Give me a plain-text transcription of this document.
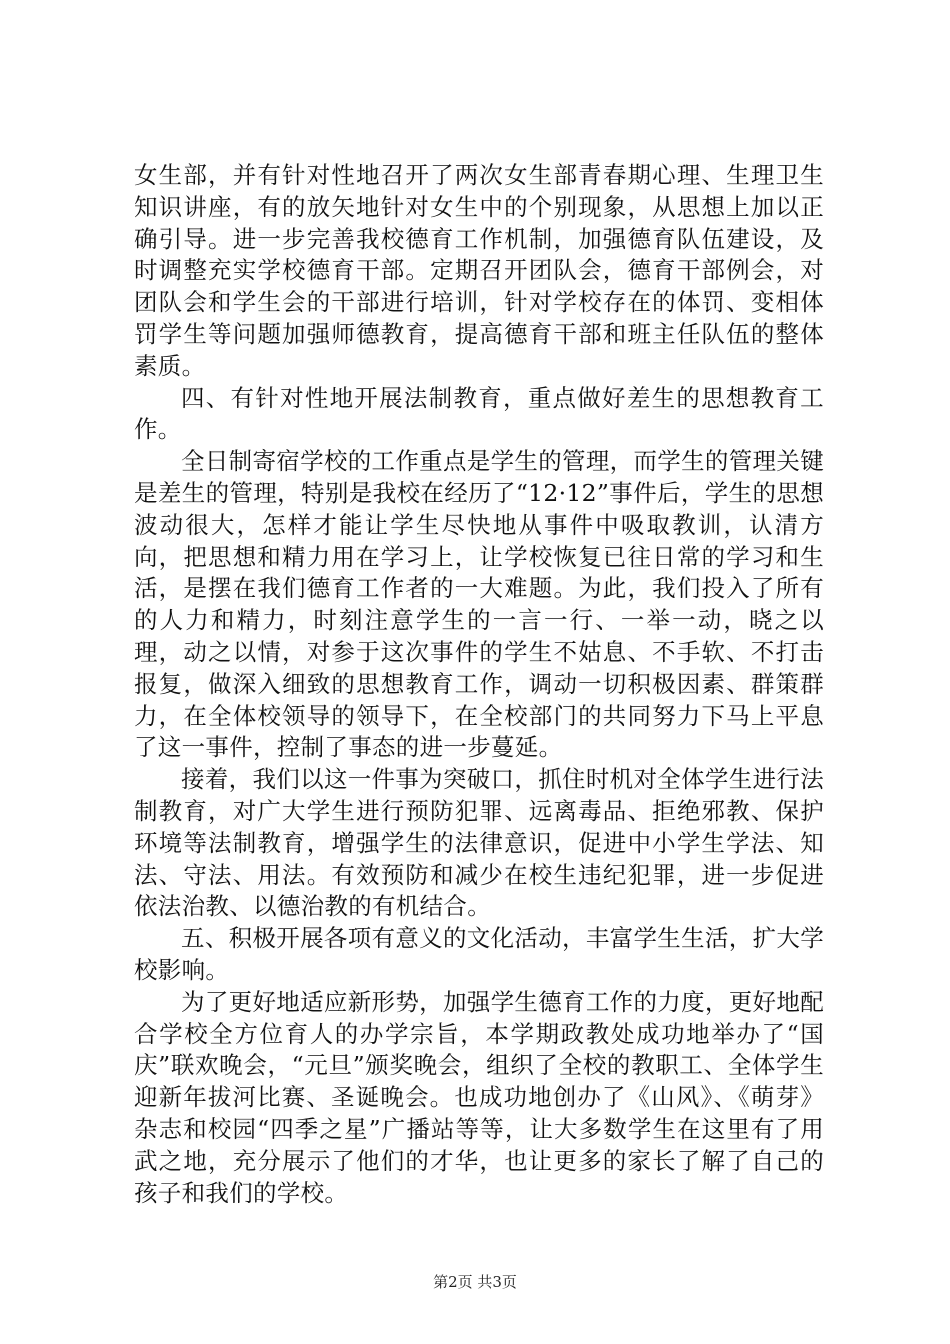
女生部，并有针对性地召开了两次女生部青春期心理、生理卫生知识讲座，有的放矢地针对女生中的个别现象，从思想上加以正确引导。进一步完善我校德育工作机制，加强德育队伍建设，及时调整充实学校德育干部。定期召开团队会，德育干部例会，对团队会和学生会的干部进行培训，针对学校存在的体罚、变相体罚学生等问题加强师德教育，提高德育干部和班主任队伍的整体素质。

四、有针对性地开展法制教育，重点做好差生的思想教育工作。

全日制寄宿学校的工作重点是学生的管理，而学生的管理关键是差生的管理，特别是我校在经历了“12·12”事件后，学生的思想波动很大，怎样才能让学生尽快地从事件中吸取教训，认清方向，把思想和精力用在学习上，让学校恢复已往日常的学习和生活，是摆在我们德育工作者的一大难题。为此，我们投入了所有的人力和精力，时刻注意学生的一言一行、一举一动，晓之以理，动之以情，对参于这次事件的学生不姑息、不手软、不打击报复，做深入细致的思想教育工作，调动一切积极因素、群策群力，在全体校领导的领导下，在全校部门的共同努力下马上平息了这一事件，控制了事态的进一步蔓延。

接着，我们以这一件事为突破口，抓住时机对全体学生进行法制教育，对广大学生进行预防犯罪、远离毒品、拒绝邪教、保护环境等法制教育，增强学生的法律意识，促进中小学生学法、知法、守法、用法。有效预防和减少在校生违纪犯罪，进一步促进依法治教、以德治教的有机结合。

五、积极开展各项有意义的文化活动，丰富学生生活，扩大学校影响。

为了更好地适应新形势，加强学生德育工作的力度，更好地配合学校全方位育人的办学宗旨，本学期政教处成功地举办了“国庆”联欢晚会，“元旦”颁奖晚会，组织了全校的教职工、全体学生迎新年拔河比赛、圣诞晚会。也成功地创办了《山风》、《萌芽》杂志和校园“四季之星”广播站等等，让大多数学生在这里有了用武之地，充分展示了他们的才华，也让更多的家长了解了自己的孩子和我们的学校。

第2页 共3页
